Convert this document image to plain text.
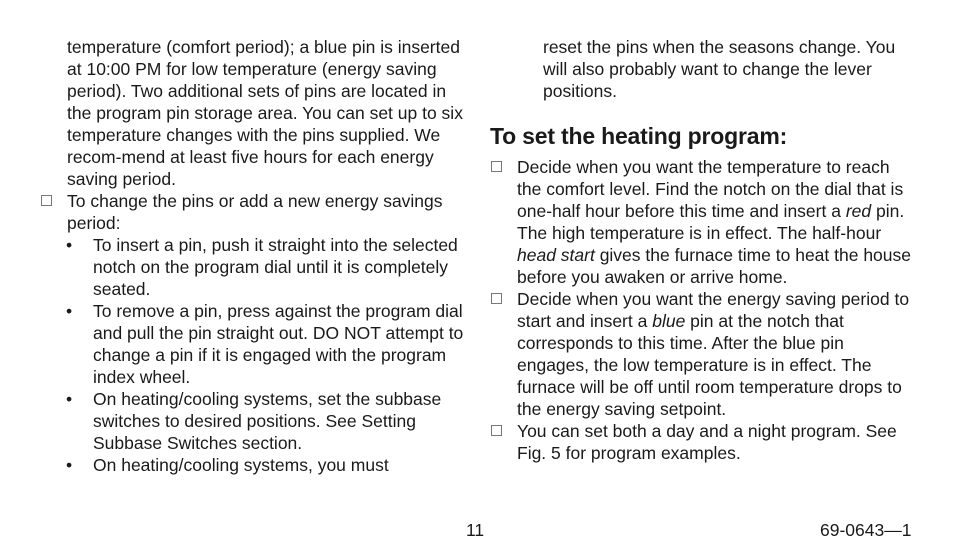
temperature (comfort period); a blue pin is inserted at 10:00 PM for low temperature (energy saving period). Two additional sets of pins are located in the program pin storage area. You can set up to six temperature changes with the pins supplied. We recom-mend at least five hours for each energy saving period.

To change the pins or add a new energy savings period:
• To insert a pin, push it straight into the selected notch on the program dial until it is completely seated.
• To remove a pin, press against the program dial and pull the pin straight out. DO NOT attempt to change a pin if it is engaged with the program index wheel.
• On heating/cooling systems, set the subbase switches to desired positions. See Setting Subbase Switches section.
• On heating/cooling systems, you must

reset the pins when the seasons change. You will also probably want to change the lever positions.

To set the heating program:
Decide when you want the temperature to reach the comfort level. Find the notch on the dial that is one-half hour before this time and insert a red pin. The high temperature is in effect. The half-hour head start gives the furnace time to heat the house before you awaken or arrive home.
Decide when you want the energy saving period to start and insert a blue pin at the notch that corresponds to this time. After the blue pin engages, the low temperature is in effect. The furnace will be off until room temperature drops to the energy saving setpoint.
You can set both a day and a night program. See Fig. 5 for program examples.
11	69-0643—1
